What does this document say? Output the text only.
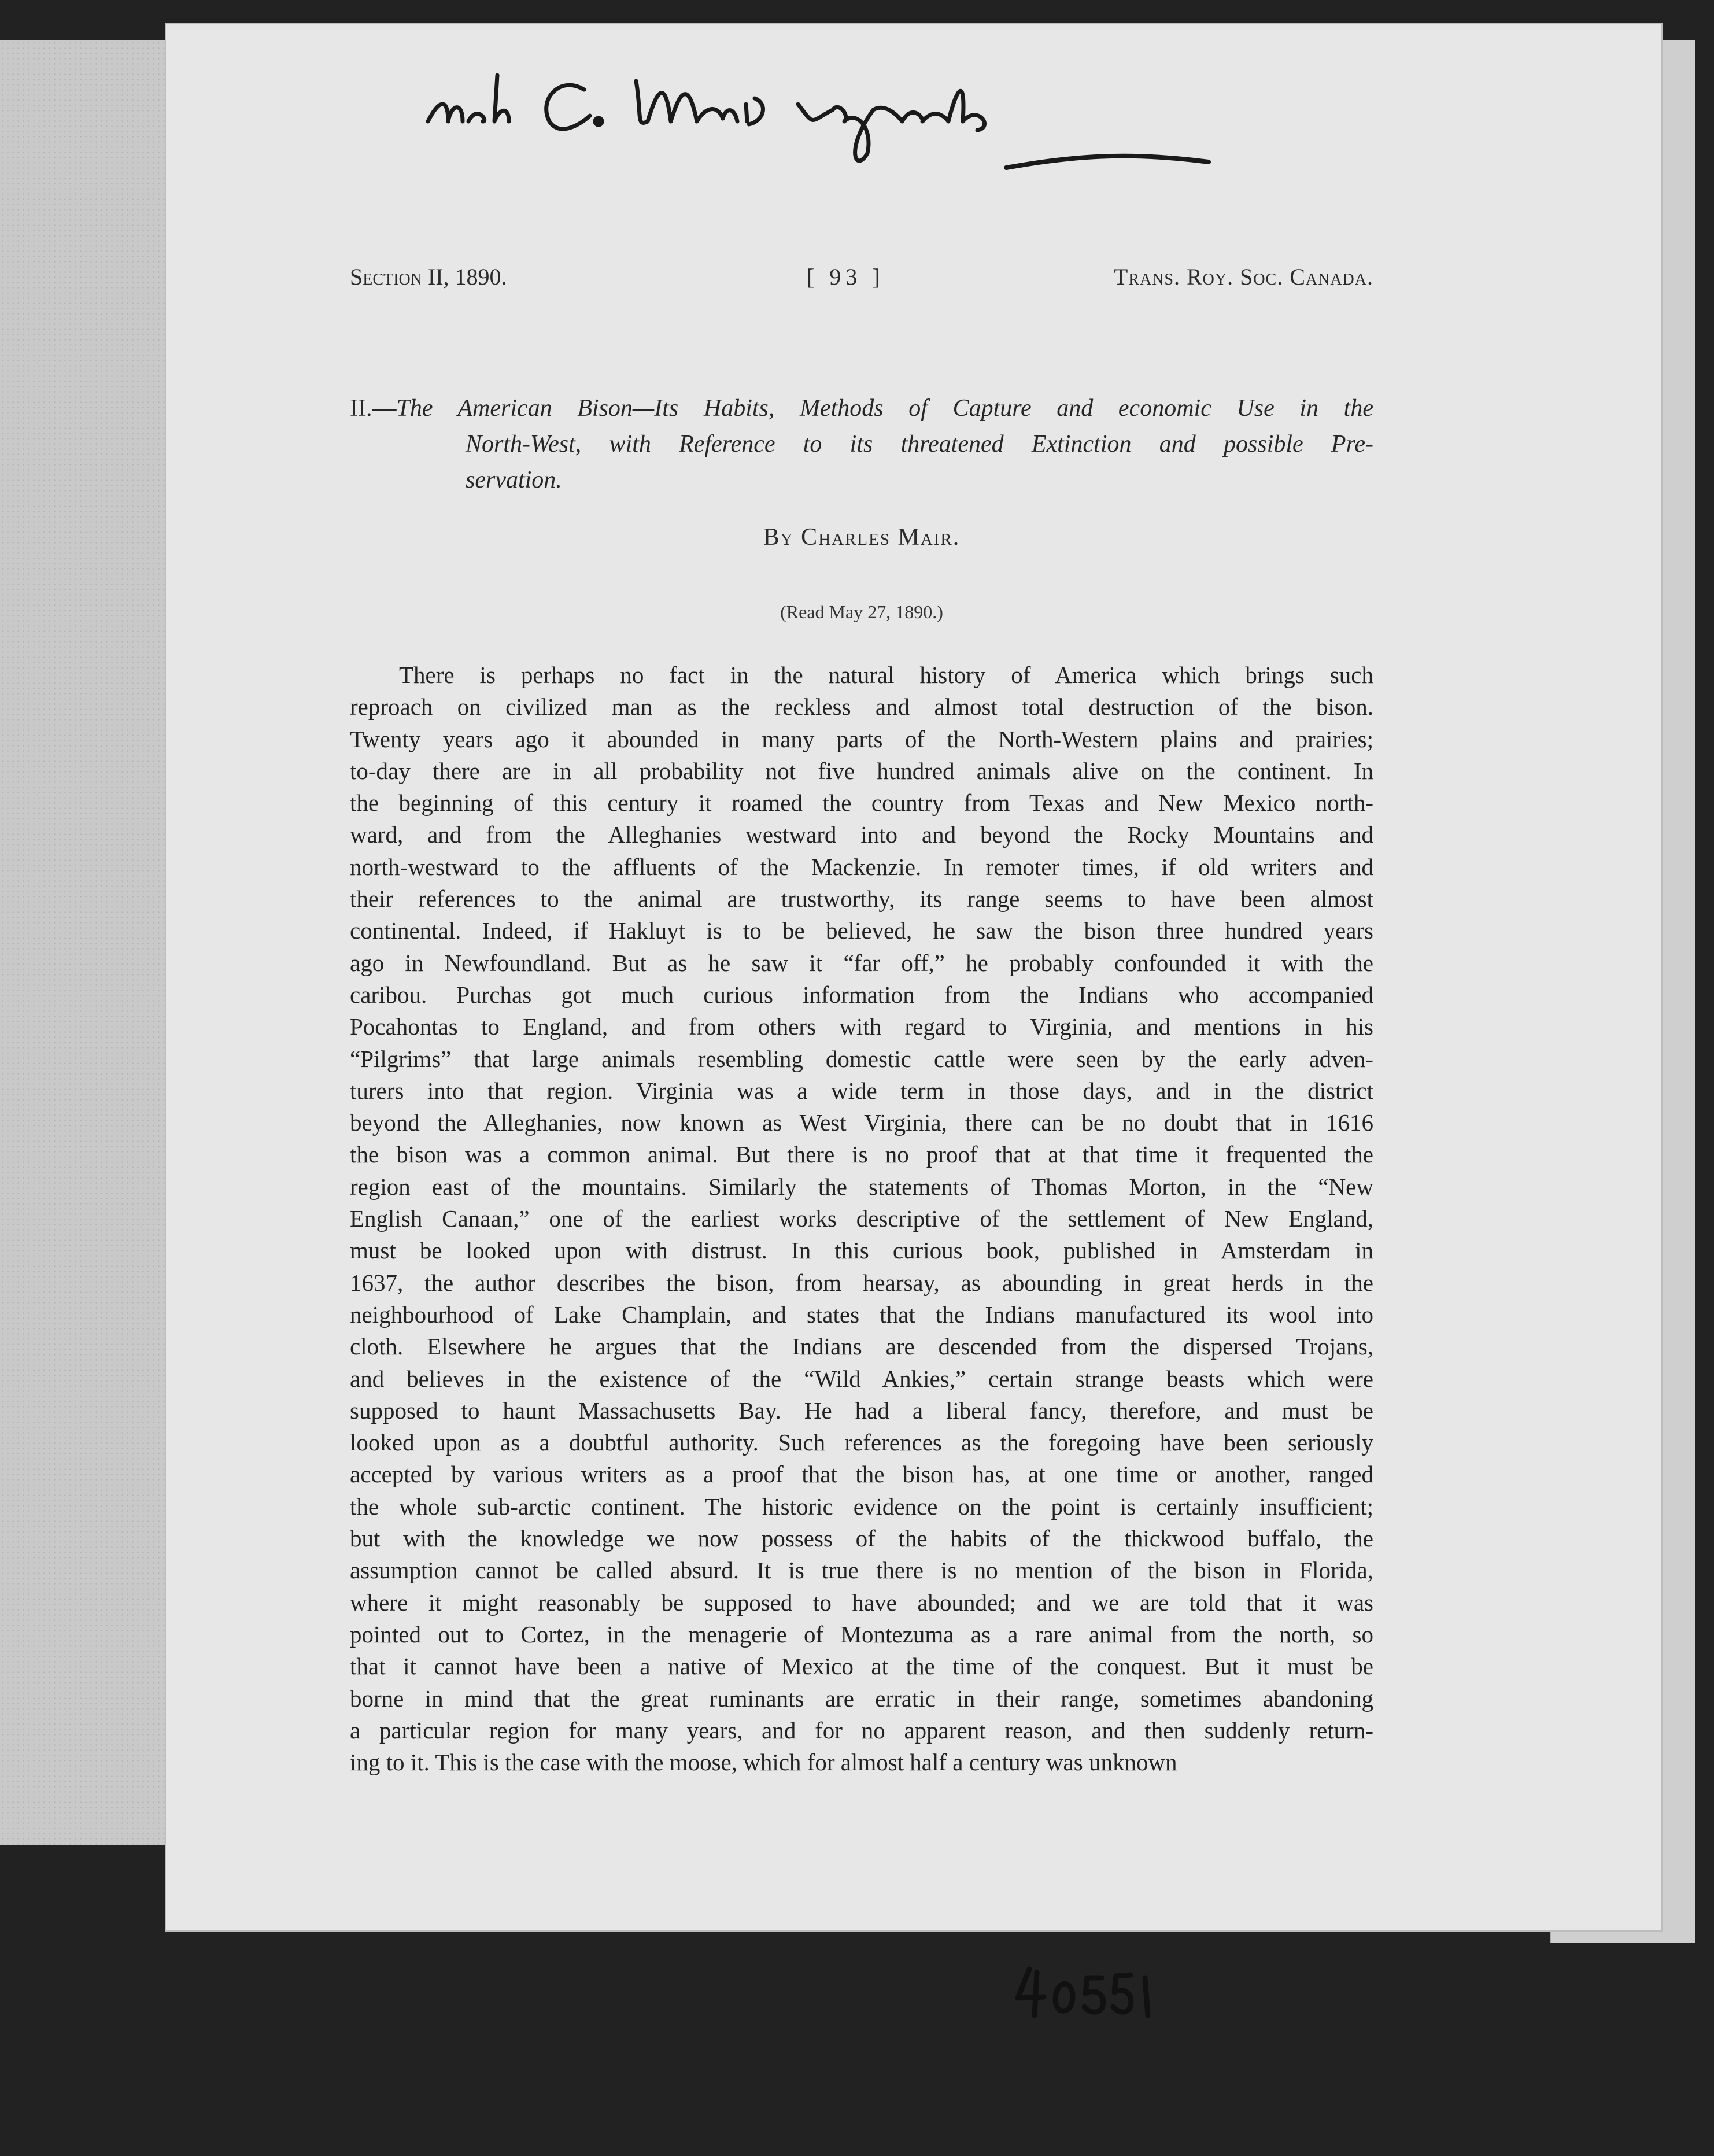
Section II, 1890.	[ 93 ]	Trans. Roy. Soc. Canada.
II.—The American Bison—Its Habits, Methods of Capture and economic Use in the
North-West, with Reference to its threatened Extinction and possible Pre-
servation.
By Charles Mair.
(Read May 27, 1890.)
There is perhaps no fact in the natural history of America which brings such
reproach on civilized man as the reckless and almost total destruction of the bison.
Twenty years ago it abounded in many parts of the North-Western plains and prairies;
to-day there are in all probability not five hundred animals alive on the continent. In
the beginning of this century it roamed the country from Texas and New Mexico north-
ward, and from the Alleghanies westward into and beyond the Rocky Mountains and
north-westward to the affluents of the Mackenzie. In remoter times, if old writers and
their references to the animal are trustworthy, its range seems to have been almost
continental. Indeed, if Hakluyt is to be believed, he saw the bison three hundred years
ago in Newfoundland. But as he saw it “far off,” he probably confounded it with the
caribou. Purchas got much curious information from the Indians who accompanied
Pocahontas to England, and from others with regard to Virginia, and mentions in his
“Pilgrims” that large animals resembling domestic cattle were seen by the early adven-
turers into that region. Virginia was a wide term in those days, and in the district
beyond the Alleghanies, now known as West Virginia, there can be no doubt that in 1616
the bison was a common animal. But there is no proof that at that time it frequented the
region east of the mountains. Similarly the statements of Thomas Morton, in the “New
English Canaan,” one of the earliest works descriptive of the settlement of New England,
must be looked upon with distrust. In this curious book, published in Amsterdam in
1637, the author describes the bison, from hearsay, as abounding in great herds in the
neighbourhood of Lake Champlain, and states that the Indians manufactured its wool into
cloth. Elsewhere he argues that the Indians are descended from the dispersed Trojans,
and believes in the existence of the “Wild Ankies,” certain strange beasts which were
supposed to haunt Massachusetts Bay. He had a liberal fancy, therefore, and must be
looked upon as a doubtful authority. Such references as the foregoing have been seriously
accepted by various writers as a proof that the bison has, at one time or another, ranged
the whole sub-arctic continent. The historic evidence on the point is certainly insufficient;
but with the knowledge we now possess of the habits of the thickwood buffalo, the
assumption cannot be called absurd. It is true there is no mention of the bison in Florida,
where it might reasonably be supposed to have abounded; and we are told that it was
pointed out to Cortez, in the menagerie of Montezuma as a rare animal from the north, so
that it cannot have been a native of Mexico at the time of the conquest. But it must be
borne in mind that the great ruminants are erratic in their range, sometimes abandoning
a particular region for many years, and for no apparent reason, and then suddenly return-
ing to it. This is the case with the moose, which for almost half a century was unknown
